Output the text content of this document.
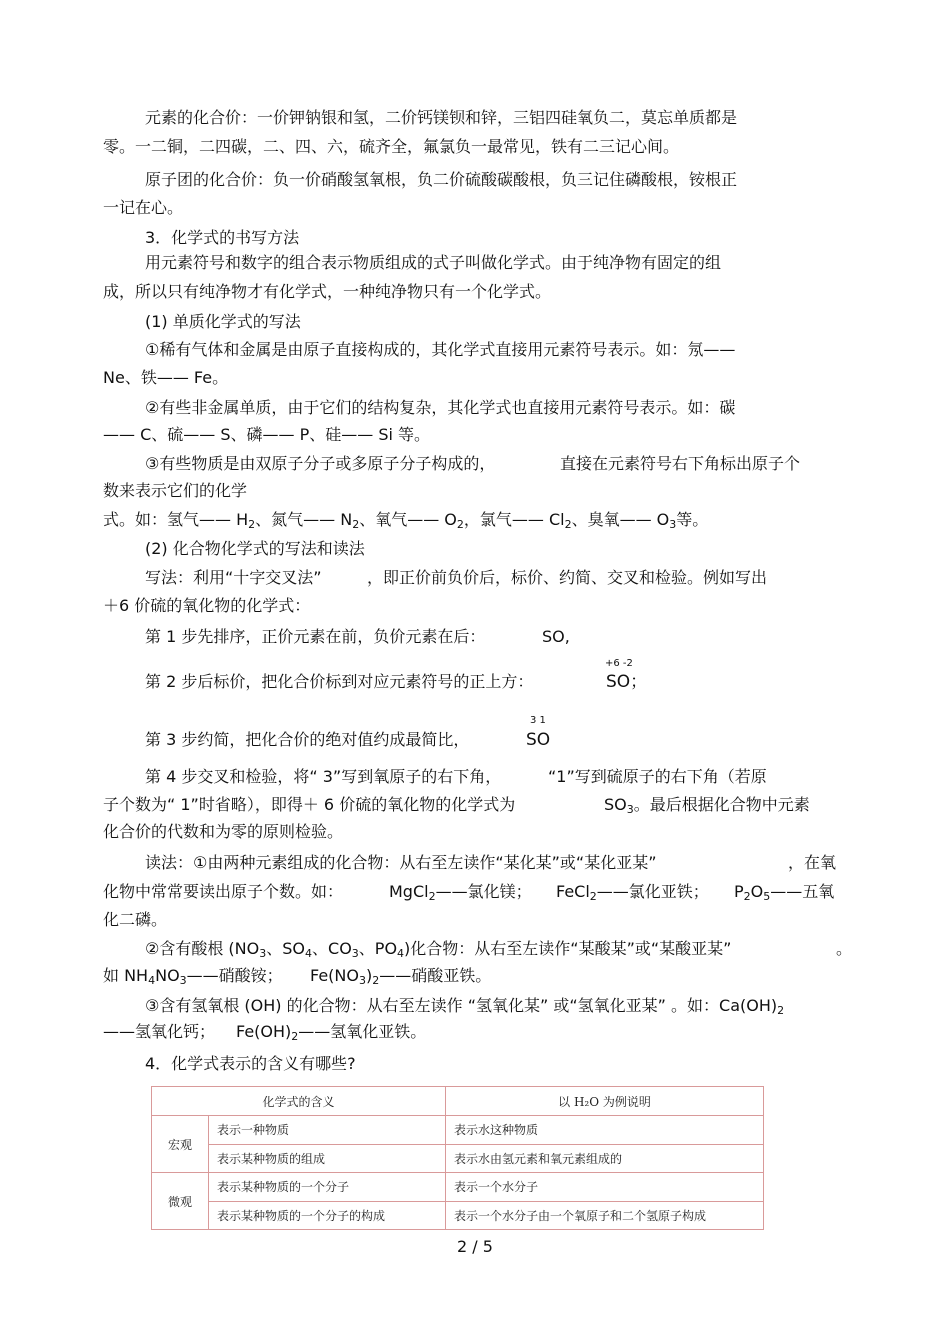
元素的化合价：一价钾钠银和氢，二价钙镁钡和锌，三铝四硅氧负二，莫忘单质都是
零。一二铜，二四碳，二、四、六，硫齐全，氟氯负一最常见，铁有二三记心间。
原子团的化合价：负一价硝酸氢氧根，负二价硫酸碳酸根，负三记住磷酸根，铵根正
一记在心。
3．化学式的书写方法
用元素符号和数字的组合表示物质组成的式子叫做化学式。由于纯净物有固定的组
成，所以只有纯净物才有化学式，一种纯净物只有一个化学式。
(1) 单质化学式的写法
①稀有气体和金属是由原子直接构成的，其化学式直接用元素符号表示。如：氖——
Ne、铁—— Fe。
②有些非金属单质，由于它们的结构复杂，其化学式也直接用元素符号表示。如：碳
—— C、硫—— S、磷—— P、硅—— Si 等。
③有些物质是由双原子分子或多原子分子构成的，	直接在元素符号右下角标出原子个
数来表示它们的化学
式。如：氢气—— $H_2$、氮气—— $N_2$、氧气—— $O_2$，氯气—— $Cl_2$、臭氧—— $O_3$等。
(2) 化合物化学式的写法和读法
写法：利用“十字交叉法”	，即正价前负价后，标价、约简、交叉和检验。例如写出
＋6 价硫的氧化物的化学式：
第 1 步先排序，正价元素在前，负价元素在后：	SO,
第 2 步后标价，把化合价标到对应元素符号的正上方：
+6 -2
SO；
第 3 步约简，把化合价的绝对值约成最简比，
3 1
SO
第 4 步交叉和检验，将“ 3”写到氧原子的右下角，	“1”写到硫原子的右下角（若原
子个数为“ 1”时省略），即得＋ 6 价硫的氧化物的化学式为	$SO_3$。最后根据化合物中元素
化合价的代数和为零的原则检验。
读法：①由两种元素组成的化合物：从右至左读作“某化某”或“某化亚某”	，在氧
化物中常常要读出原子个数。如：	MgCl$_2$——氯化镁； FeCl$_2$——氯化亚铁； $P_2O_5——$五氧
化二磷。
②含有酸根 ($NO_3$、$SO_4$、$CO_3$、$PO_4$)化合物：从右至左读作“某酸某”或“某酸亚某”	。
如 $NH_4NO_3——$硝酸铵； $Fe(NO_3)_2——$硝酸亚铁。
③含有氢氧根 (OH) 的化合物：从右至左读作 “氢氧化某” 或“氢氧化亚某” 。如：$Ca(OH)_2$
——氢氧化钙； $Fe(OH)_2——$氢氧化亚铁。
4．化学式表示的含义有哪些?
化学式的含义		以 H₂O 为例说明
宏观	表示一种物质	表示水这种物质
	表示某种物质的组成	表示水由氢元素和氧元素组成的
微观	表示某种物质的一个分子	表示一个水分子
	表示某种物质的一个分子的构成	表示一个水分子由一个氧原子和二个氢原子构成
2 / 5
